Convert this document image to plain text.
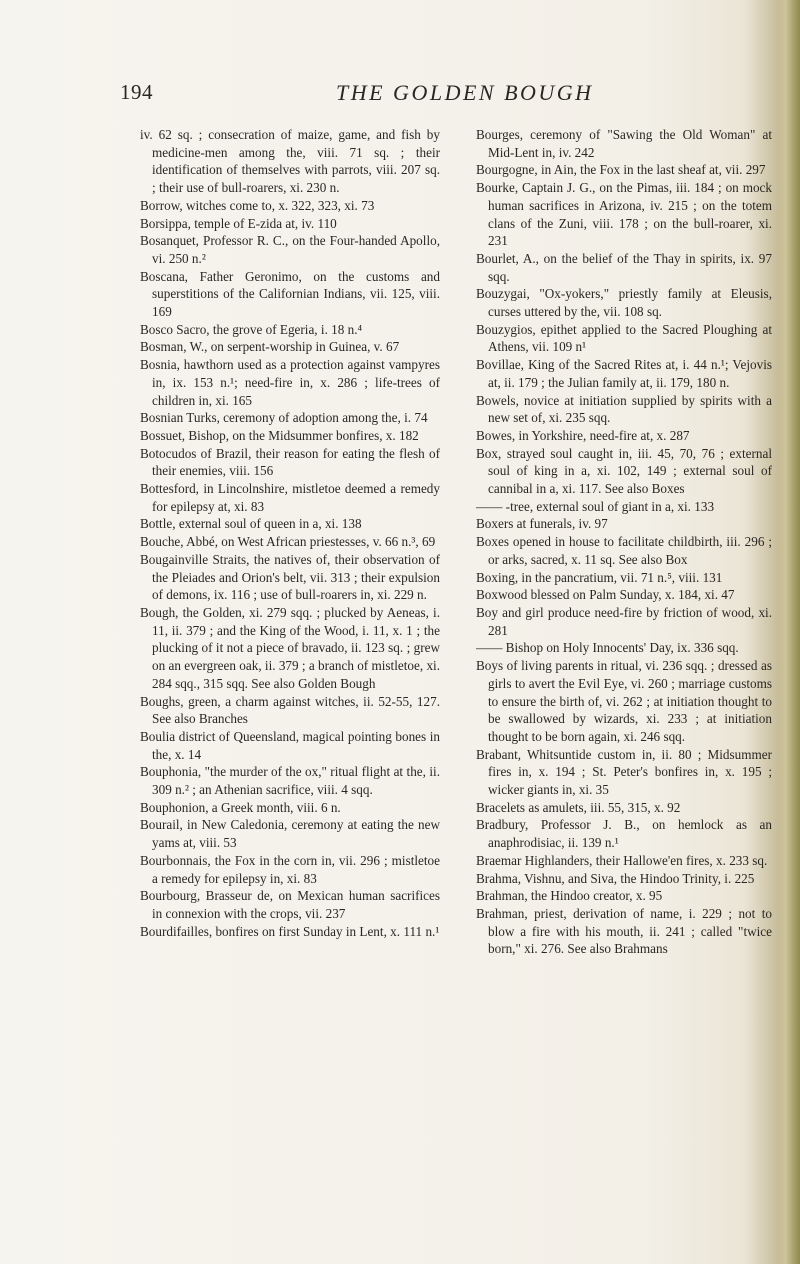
194	THE GOLDEN BOUGH
iv. 62 sq. ; consecration of maize, game, and fish by medicine-men among the, viii. 71 sq. ; their identification of themselves with parrots, viii. 207 sq. ; their use of bull-roarers, xi. 230 n.
Borrow, witches come to, x. 322, 323, xi. 73
Borsippa, temple of E-zida at, iv. 110
Bosanquet, Professor R. C., on the Four-handed Apollo, vi. 250 n.²
Boscana, Father Geronimo, on the customs and superstitions of the Californian Indians, vii. 125, viii. 169
Bosco Sacro, the grove of Egeria, i. 18 n.⁴
Bosman, W., on serpent-worship in Guinea, v. 67
Bosnia, hawthorn used as a protection against vampyres in, ix. 153 n.¹; need-fire in, x. 286 ; life-trees of children in, xi. 165
Bosnian Turks, ceremony of adoption among the, i. 74
Bossuet, Bishop, on the Midsummer bonfires, x. 182
Botocudos of Brazil, their reason for eating the flesh of their enemies, viii. 156
Bottesford, in Lincolnshire, mistletoe deemed a remedy for epilepsy at, xi. 83
Bottle, external soul of queen in a, xi. 138
Bouche, Abbé, on West African priestesses, v. 66 n.³, 69
Bougainville Straits, the natives of, their observation of the Pleiades and Orion's belt, vii. 313 ; their expulsion of demons, ix. 116 ; use of bull-roarers in, xi. 229 n.
Bough, the Golden, xi. 279 sqq. ; plucked by Aeneas, i. 11, ii. 379 ; and the King of the Wood, i. 11, x. 1 ; the plucking of it not a piece of bravado, ii. 123 sq. ; grew on an evergreen oak, ii. 379 ; a branch of mistletoe, xi. 284 sqq., 315 sqq. See also Golden Bough
Boughs, green, a charm against witches, ii. 52-55, 127. See also Branches
Boulia district of Queensland, magical pointing bones in the, x. 14
Bouphonia, "the murder of the ox," ritual flight at the, ii. 309 n.² ; an Athenian sacrifice, viii. 4 sqq.
Bouphonion, a Greek month, viii. 6 n.
Bourail, in New Caledonia, ceremony at eating the new yams at, viii. 53
Bourbonnais, the Fox in the corn in, vii. 296 ; mistletoe a remedy for epilepsy in, xi. 83
Bourbourg, Brasseur de, on Mexican human sacrifices in connexion with the crops, vii. 237
Bourdifailles, bonfires on first Sunday in Lent, x. 111 n.¹
Bourges, ceremony of "Sawing the Old Woman" at Mid-Lent in, iv. 242
Bourgogne, in Ain, the Fox in the last sheaf at, vii. 297
Bourke, Captain J. G., on the Pimas, iii. 184 ; on mock human sacrifices in Arizona, iv. 215 ; on the totem clans of the Zuni, viii. 178 ; on the bull-roarer, xi. 231
Bourlet, A., on the belief of the Thay in spirits, ix. 97 sqq.
Bouzygai, "Ox-yokers," priestly family at Eleusis, curses uttered by the, vii. 108 sq.
Bouzygios, epithet applied to the Sacred Ploughing at Athens, vii. 109 n¹
Bovillae, King of the Sacred Rites at, i. 44 n.¹; Vejovis at, ii. 179 ; the Julian family at, ii. 179, 180 n.
Bowels, novice at initiation supplied by spirits with a new set of, xi. 235 sqq.
Bowes, in Yorkshire, need-fire at, x. 287
Box, strayed soul caught in, iii. 45, 70, 76 ; external soul of king in a, xi. 102, 149 ; external soul of cannibal in a, xi. 117. See also Boxes
—— -tree, external soul of giant in a, xi. 133
Boxers at funerals, iv. 97
Boxes opened in house to facilitate childbirth, iii. 296 ; or arks, sacred, x. 11 sq. See also Box
Boxing, in the pancratium, vii. 71 n.⁵, viii. 131
Boxwood blessed on Palm Sunday, x. 184, xi. 47
Boy and girl produce need-fire by friction of wood, xi. 281
—— Bishop on Holy Innocents' Day, ix. 336 sqq.
Boys of living parents in ritual, vi. 236 sqq. ; dressed as girls to avert the Evil Eye, vi. 260 ; marriage customs to ensure the birth of, vi. 262 ; at initiation thought to be swallowed by wizards, xi. 233 ; at initiation thought to be born again, xi. 246 sqq.
Brabant, Whitsuntide custom in, ii. 80 ; Midsummer fires in, x. 194 ; St. Peter's bonfires in, x. 195 ; wicker giants in, xi. 35
Bracelets as amulets, iii. 55, 315, x. 92
Bradbury, Professor J. B., on hemlock as an anaphrodisiac, ii. 139 n.¹
Braemar Highlanders, their Hallowe'en fires, x. 233 sq.
Brahma, Vishnu, and Siva, the Hindoo Trinity, i. 225
Brahman, the Hindoo creator, x. 95
Brahman, priest, derivation of name, i. 229 ; not to blow a fire with his mouth, ii. 241 ; called "twice born," xi. 276. See also Brahmans
